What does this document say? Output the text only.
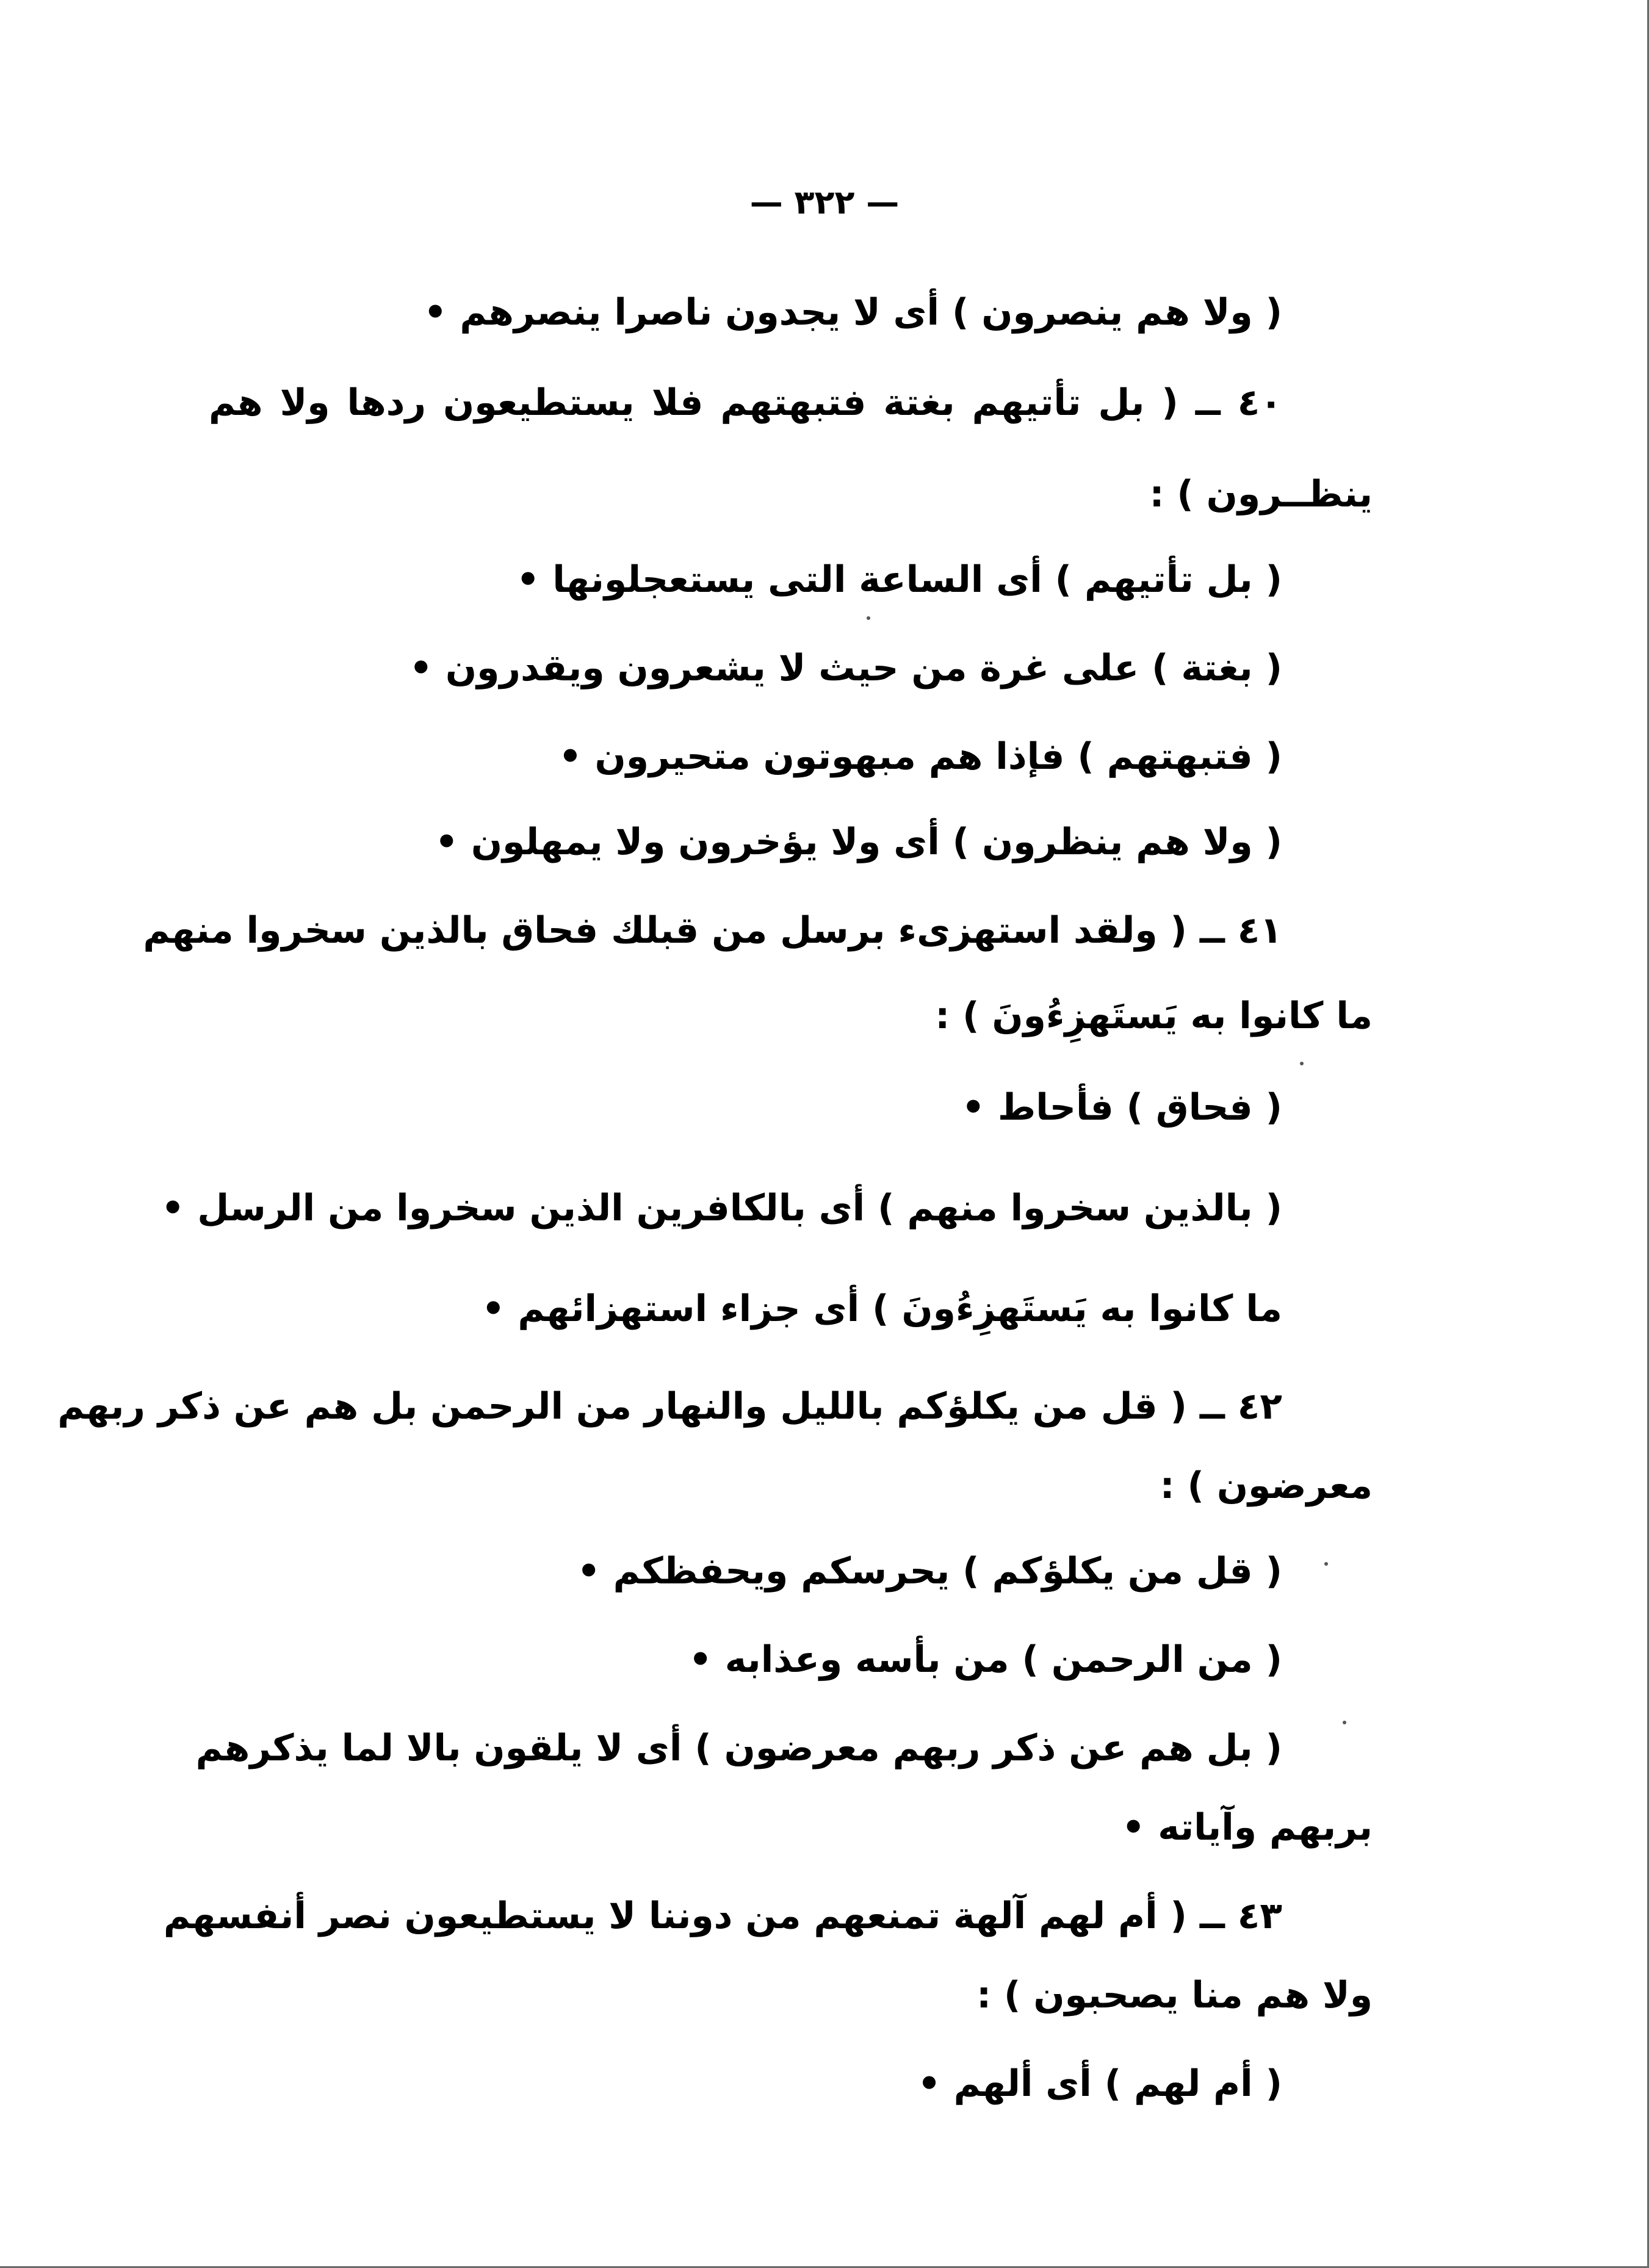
— ٣٢٢ —
( ولا هم ينصرون ) أى لا يجدون ناصرا ينصرهم •
٤٠ ــ ( بل تأتيهم بغتة فتبهتهم فلا يستطيعون ردها ولا هم
ينظــرون ) :
( بل تأتيهم ) أى الساعة التى يستعجلونها •
( بغتة ) على غرة من حيث لا يشعرون ويقدرون •
( فتبهتهم ) فإذا هم مبهوتون متحيرون •
( ولا هم ينظرون ) أى ولا يؤخرون ولا يمهلون •
٤١ ــ ( ولقد استهزىء برسل من قبلك فحاق بالذين سخروا منهم
ما كانوا به يَستَهزِءُونَ ) :
( فحاق ) فأحاط •
( بالذين سخروا منهم ) أى بالكافرين الذين سخروا من الرسل •
ما كانوا به يَستَهزِءُونَ ) أى جزاء استهزائهم •
٤٢ ــ ( قل من يكلؤكم بالليل والنهار من الرحمن بل هم عن ذكر ربهم
معرضون ) :
( قل من يكلؤكم ) يحرسكم ويحفظكم •
( من الرحمن ) من بأسه وعذابه •
( بل هم عن ذكر ربهم معرضون ) أى لا يلقون بالا لما يذكرهم
بربهم وآياته •
٤٣ ــ ( أم لهم آلهة تمنعهم من دوننا لا يستطيعون نصر أنفسهم
ولا هم منا يصحبون ) :
( أم لهم ) أى ألهم •
